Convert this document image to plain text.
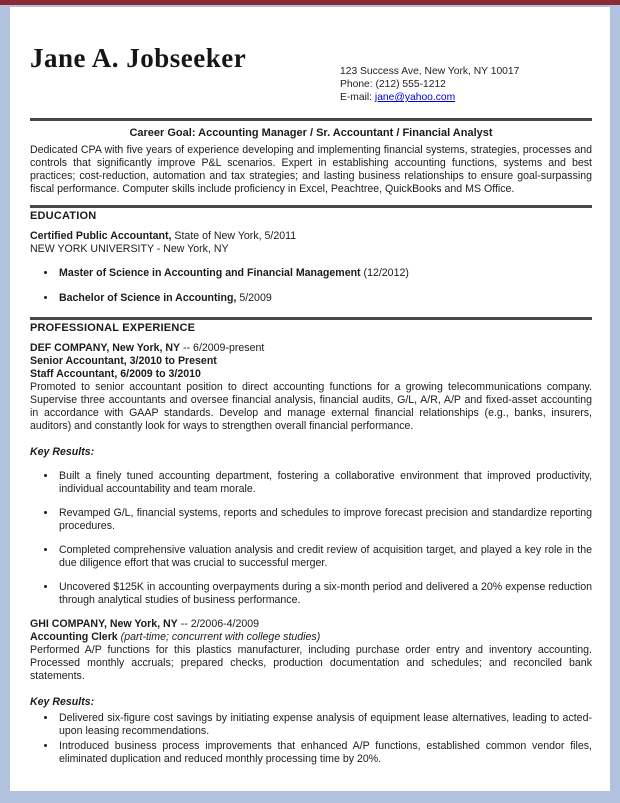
Jane A. Jobseeker	123 Success Ave, New York, NY 10017
Phone: (212) 555-1212
E-mail: jane@yahoo.com
Career Goal: Accounting Manager / Sr. Accountant / Financial Analyst

Dedicated CPA with five years of experience developing and implementing financial systems, strategies, processes and controls that significantly improve P&L scenarios. Expert in establishing accounting functions, systems and best practices; cost-reduction, automation and tax strategies; and lasting business relationships to ensure goal-surpassing fiscal performance. Computer skills include proficiency in Excel, Peachtree, QuickBooks and MS Office.

EDUCATION

Certified Public Accountant, State of New York, 5/2011

NEW YORK UNIVERSITY - New York, NY

• Master of Science in Accounting and Financial Management (12/2012)
• Bachelor of Science in Accounting, 5/2009
PROFESSIONAL EXPERIENCE

DEF COMPANY, New York, NY -- 6/2009-present

Senior Accountant, 3/2010 to Present

Staff Accountant, 6/2009 to 3/2010

Promoted to senior accountant position to direct accounting functions for a growing telecommunications company. Supervise three accountants and oversee financial analysis, financial audits, G/L, A/R, A/P and fixed-asset accounting in accordance with GAAP standards. Develop and manage external financial relationships (e.g., banks, insurers, auditors) and constantly look for ways to strengthen overall financial performance.

Key Results:

• Built a finely tuned accounting department, fostering a collaborative environment that improved productivity, individual accountability and team morale.
• Revamped G/L, financial systems, reports and schedules to improve forecast precision and standardize reporting procedures.
• Completed comprehensive valuation analysis and credit review of acquisition target, and played a key role in the due diligence effort that was crucial to successful merger.
• Uncovered $125K in accounting overpayments during a six-month period and delivered a 20% expense reduction through analytical studies of business performance.

GHI COMPANY, New York, NY -- 2/2006-4/2009

Accounting Clerk (part-time; concurrent with college studies)

Performed A/P functions for this plastics manufacturer, including purchase order entry and inventory accounting. Processed monthly accruals; prepared checks, production documentation and schedules; and reconciled bank statements.

Key Results:

• Delivered six-figure cost savings by initiating expense analysis of equipment lease alternatives, leading to acted-upon leasing recommendations.
• Introduced business process improvements that enhanced A/P functions, established common vendor files, eliminated duplication and reduced monthly processing time by 20%.
